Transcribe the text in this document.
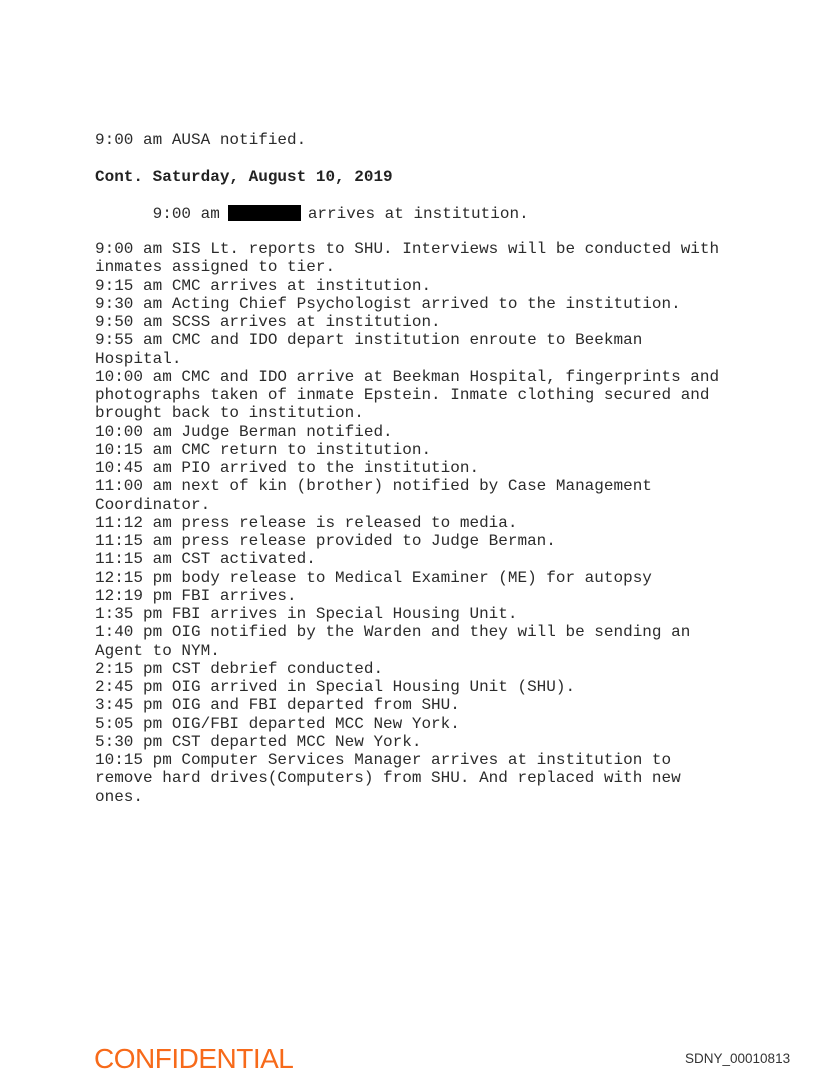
9:00 am AUSA notified.

9:00 am	arrives at institution.

Cont. Saturday, August 10, 2019
9:00 am SIS Lt. reports to SHU. Interviews will be conducted with
inmates assigned to tier.
9:15 am CMC arrives at institution.
9:30 am Acting Chief Psychologist arrived to the institution.
9:50 am SCSS arrives at institution.
9:55 am CMC and IDO depart institution enroute to Beekman
Hospital.
10:00 am CMC and IDO arrive at Beekman Hospital, fingerprints and
photographs taken of inmate Epstein. Inmate clothing secured and
brought back to institution.
10:00 am Judge Berman notified.
10:15 am CMC return to institution.
10:45 am PIO arrived to the institution.
11:00 am next of kin (brother) notified by Case Management
Coordinator.
11:12 am press release is released to media.
11:15 am press release provided to Judge Berman.
11:15 am CST activated.
12:15 pm body release to Medical Examiner (ME) for autopsy
12:19 pm FBI arrives.
1:35 pm FBI arrives in Special Housing Unit.
1:40 pm OIG notified by the Warden and they will be sending an
Agent to NYM.
2:15 pm CST debrief conducted.
2:45 pm OIG arrived in Special Housing Unit (SHU).
3:45 pm OIG and FBI departed from SHU.
5:05 pm OIG/FBI departed MCC New York.
5:30 pm CST departed MCC New York.
10:15 pm Computer Services Manager arrives at institution to
remove hard drives(Computers) from SHU. And replaced with new
ones.
CONFIDENTIAL	SDNY_00010813
